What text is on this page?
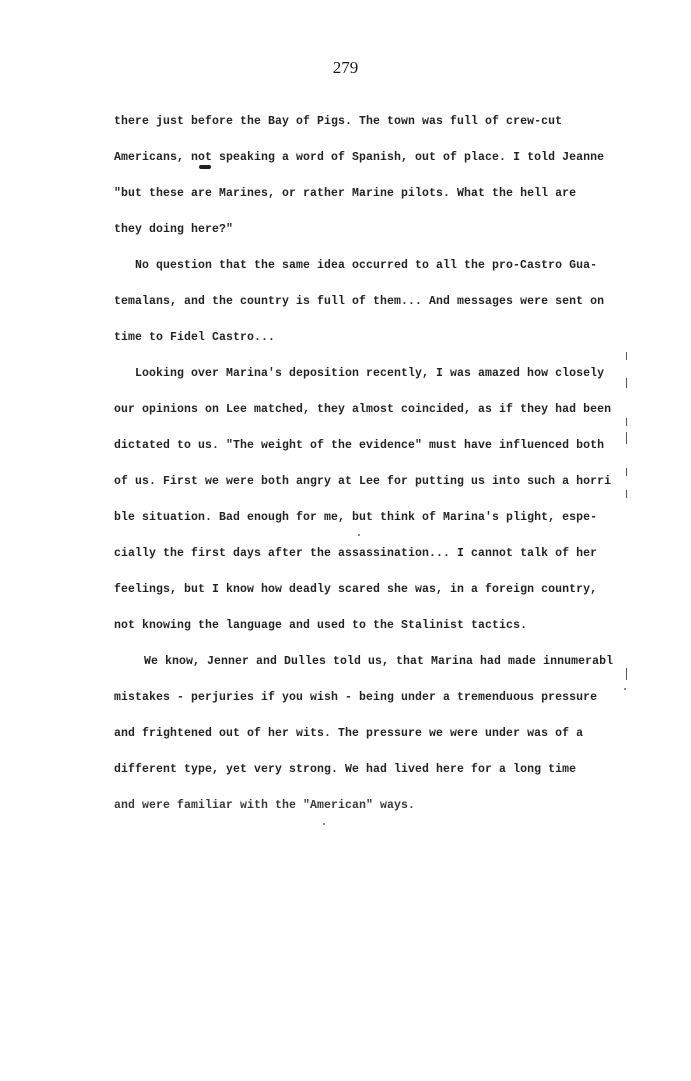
279
there just before the Bay of Pigs. The town was full of crew-cut
Americans, not speaking a word of Spanish, out of place. I told Jeanne
"but these are Marines, or rather Marine pilots. What the hell are
they doing here?"
No question that the same idea occurred to all the pro-Castro Gua-
temalans, and the country is full of them... And messages were sent on
time to Fidel Castro...
Looking over Marina's deposition recently, I was amazed how closely
our opinions on Lee matched, they almost coincided, as if they had been
dictated to us. "The weight of the evidence" must have influenced both
of us. First we were both angry at Lee for putting us into such a horri
ble situation. Bad enough for me, but think of Marina's plight, espe-
cially the first days after the assassination... I cannot talk of her
feelings, but I know how deadly scared she was, in a foreign country,
not knowing the language and used to the Stalinist tactics.
We know, Jenner and Dulles told us, that Marina had made innumerabl
mistakes - perjuries if you wish - being under a tremenduous pressure
and frightened out of her wits. The pressure we were under was of a
different type, yet very strong. We had lived here for a long time
and were familiar with the "American" ways.
